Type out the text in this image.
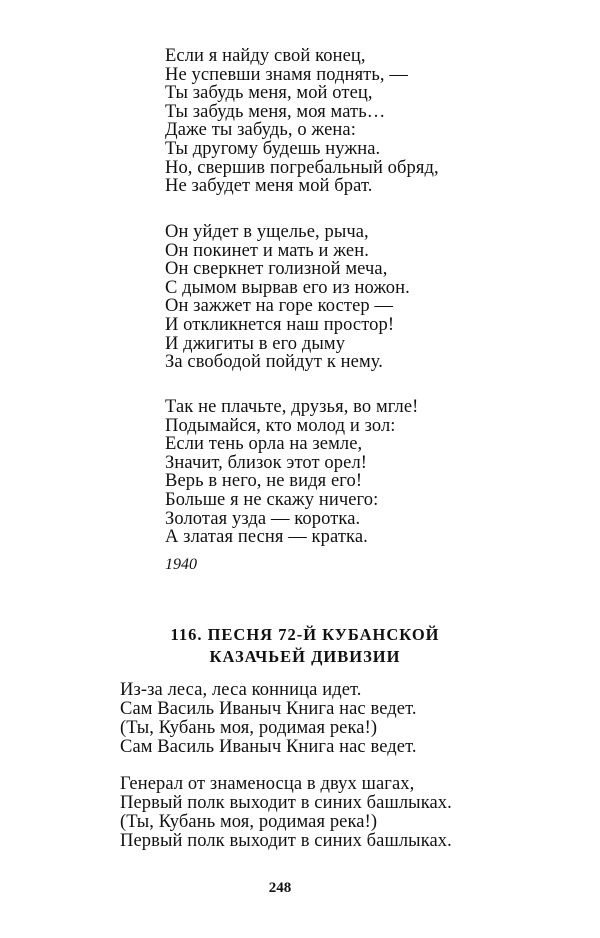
Если я найду свой конец,
Не успевши знамя поднять, —
Ты забудь меня, мой отец,
Ты забудь меня, моя мать…
Даже ты забудь, о жена:
Ты другому будешь нужна.
Но, свершив погребальный обряд,
Не забудет меня мой брат.
Он уйдет в ущелье, рыча,
Он покинет и мать и жен.
Он сверкнет голизной меча,
С дымом вырвав его из ножон.
Он зажжет на горе костер —
И откликнется наш простор!
И джигиты в его дыму
За свободой пойдут к нему.
Так не плачьте, друзья, во мгле!
Подымайся, кто молод и зол:
Если тень орла на земле,
Значит, близок этот орел!
Верь в него, не видя его!
Больше я не скажу ничего:
Золотая узда — коротка.
А златая песня — кратка.
1940
116. ПЕСНЯ 72-Й КУБАНСКОЙ
КАЗАЧЬЕЙ ДИВИЗИИ
Из-за леса, леса конница идет.
Сам Василь Иваныч Книга нас ведет.
(Ты, Кубань моя, родимая река!)
Сам Василь Иваныч Книга нас ведет.
Генерал от знаменосца в двух шагах,
Первый полк выходит в синих башлыках.
(Ты, Кубань моя, родимая река!)
Первый полк выходит в синих башлыках.
248
